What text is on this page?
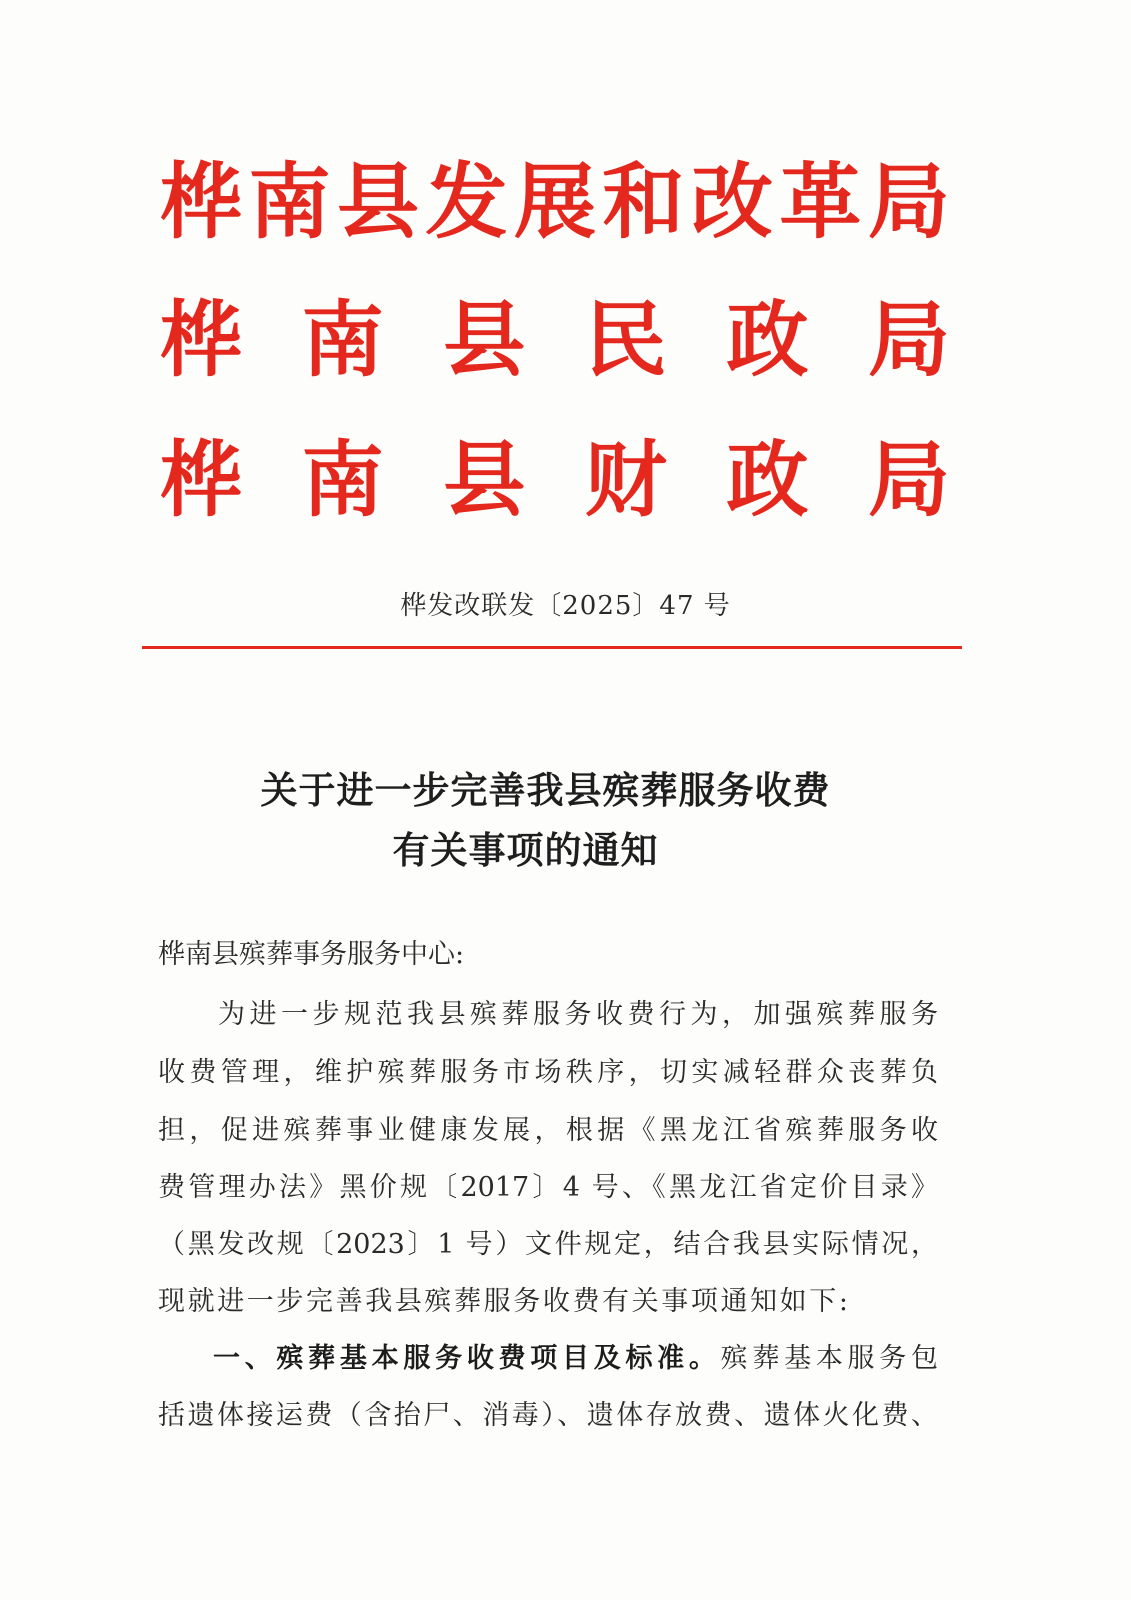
桦 南 县 发 展 和 改 革 局
桦 南 县 民 政 局
桦 南 县 财 政 局
桦发改联发〔2025〕47 号
关于进一步完善我县殡葬服务收费
有关事项的通知
桦南县殡葬事务服务中心:
为进一步规范我县殡葬服务收费行为，加强殡葬服务
收费管理，维护殡葬服务市场秩序，切实减轻群众丧葬负
担，促进殡葬事业健康发展，根据《黑龙江省殡葬服务收
费管理办法》黑价规〔2017〕4 号、《黑龙江省定价目录》
（黑发改规〔2023〕1 号）文件规定，结合我县实际情况，
现就进一步完善我县殡葬服务收费有关事项通知如下:
一、殡葬基本服务收费项目及标准。殡葬基本服务包
括遗体接运费（含抬尸、消毒）、遗体存放费、遗体火化费、
